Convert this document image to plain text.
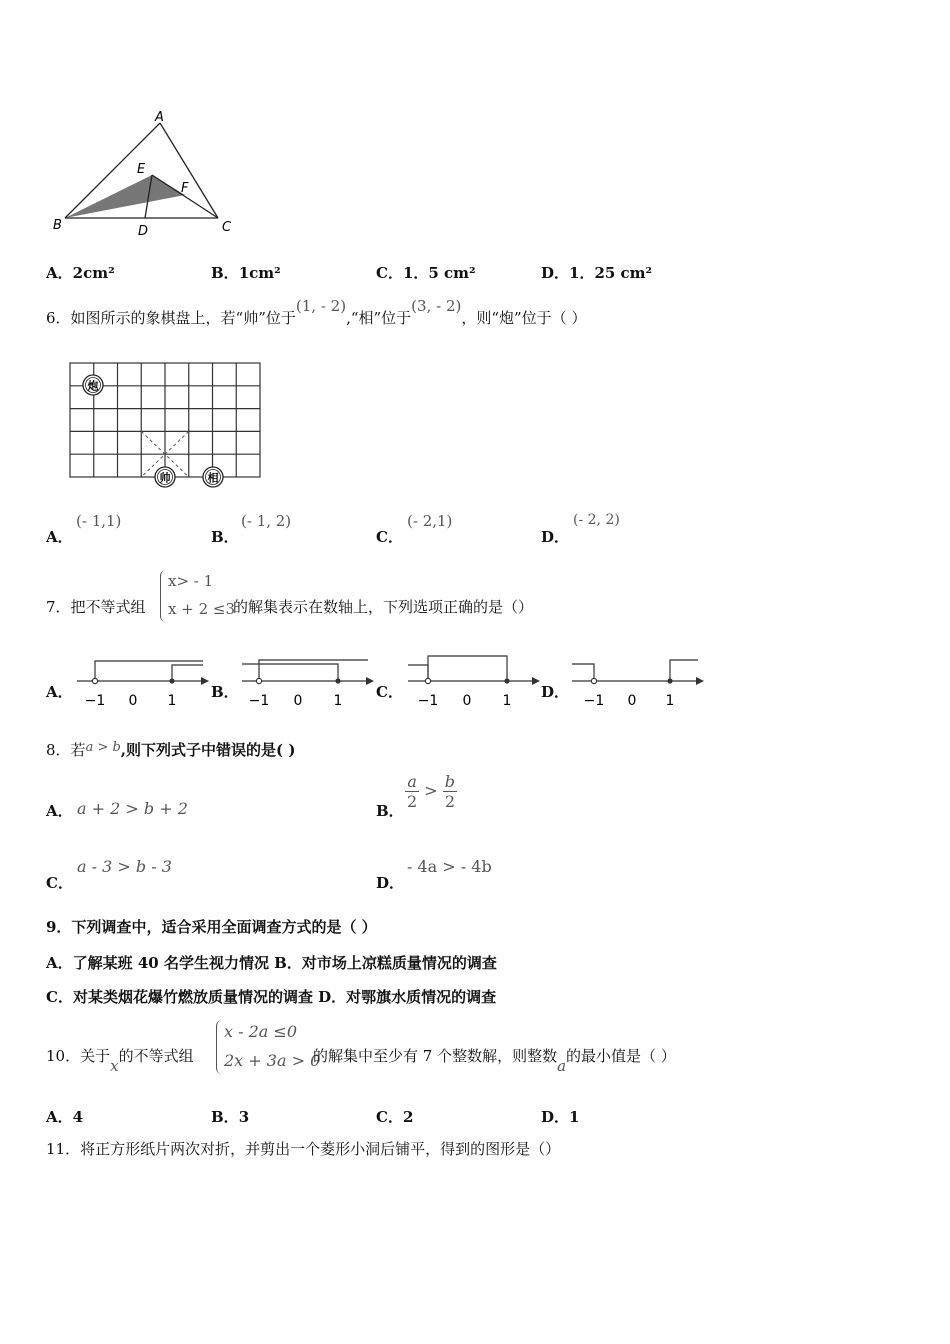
A
B	C
D
E
F
A．2cm²	B．1cm²	C．1．5 cm²	D．1．25 cm²
6．如图所示的象棋盘上，若“帅”位于(1, - 2),“相”位于(3, - 2)，则“炮”位于（ ）
炮
帅	相
A．
(- 1,1)
B．
(- 1, 2)
C．
(- 2,1)
D．
(- 2, 2)
7．把不等式组
x> - 1
x + 2 ≤3
的解集表示在数轴上，下列选项正确的是（）
A． −1 0 1 B． −1 0 1 C． −1 0 1 D． −1 0 1
8．若a > b,则下列式子中错误的是( )
A． a + 2 > b + 2	B． $\frac{a}{2} > \frac{b}{2}$
C．
a - 3 > b - 3
D．
- 4a > - 4b
9．下列调查中，适合采用全面调查方式的是（ ）
A．了解某班 40 名学生视力情况 B．对市场上凉糕质量情况的调查
C．对某类烟花爆竹燃放质量情况的调查 D．对鄂旗水质情况的调查
10．关于x的不等式组
x - 2a ≤0
2x + 3a > 0
的解集中至少有 7 个整数解，则整数a的最小值是（ ）
A．4	B．3	C．2	D．1
11．将正方形纸片两次对折，并剪出一个菱形小洞后铺平，得到的图形是（）
